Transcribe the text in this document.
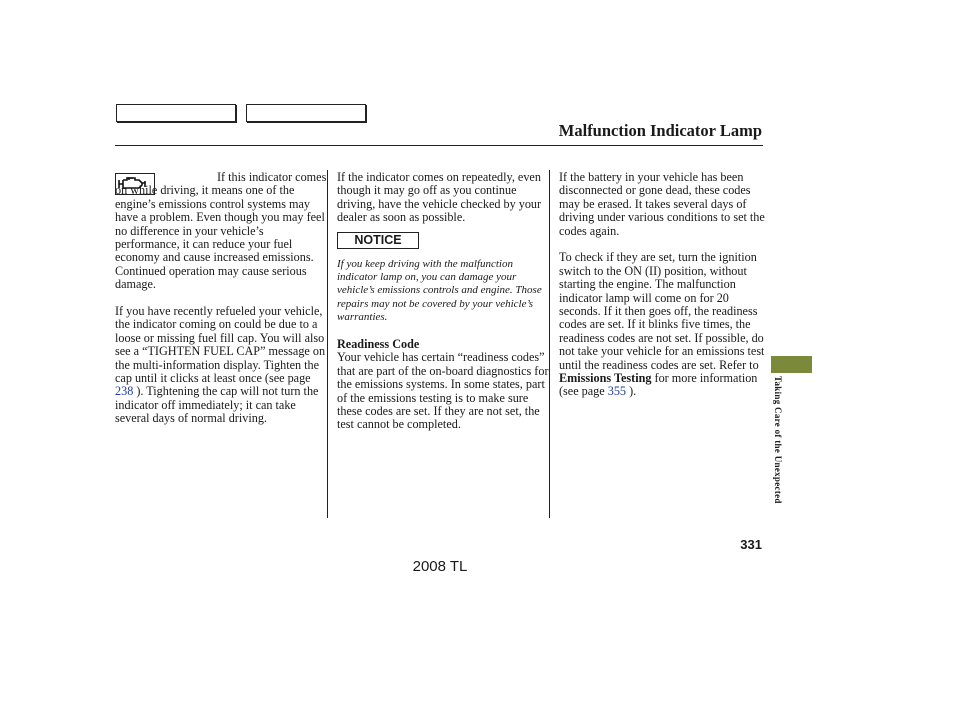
Malfunction Indicator Lamp

If this indicator comes on while driving, it means one of the engine’s emissions control systems may have a problem. Even though you may feel no difference in your vehicle’s performance, it can reduce your fuel economy and cause increased emissions. Continued operation may cause serious damage.

If you have recently refueled your vehicle, the indicator coming on could be due to a loose or missing fuel fill cap. You will also see a “TIGHTEN FUEL CAP” message on the multi-information display. Tighten the cap until it clicks at least once (see page 238 ). Tightening the cap will not turn the indicator off immediately; it can take several days of normal driving.

If the indicator comes on repeatedly, even though it may go off as you continue driving, have the vehicle checked by your dealer as soon as possible.

NOTICE

If you keep driving with the malfunction indicator lamp on, you can damage your vehicle’s emissions controls and engine. Those repairs may not be covered by your vehicle’s warranties.

Readiness Code

Your vehicle has certain “readiness codes” that are part of the on-board diagnostics for the emissions systems. In some states, part of the emissions testing is to make sure these codes are set. If they are not set, the test cannot be completed.

If the battery in your vehicle has been disconnected or gone dead, these codes may be erased. It takes several days of driving under various conditions to set the codes again.

To check if they are set, turn the ignition switch to the ON (II) position, without starting the engine. The malfunction indicator lamp will come on for 20 seconds. If it then goes off, the readiness codes are set. If it blinks five times, the readiness codes are not set. If possible, do not take your vehicle for an emissions test until the readiness codes are set. Refer to Emissions Testing for more information (see page 355 ).	Taking Care of the Unexpected
331
2008 TL
